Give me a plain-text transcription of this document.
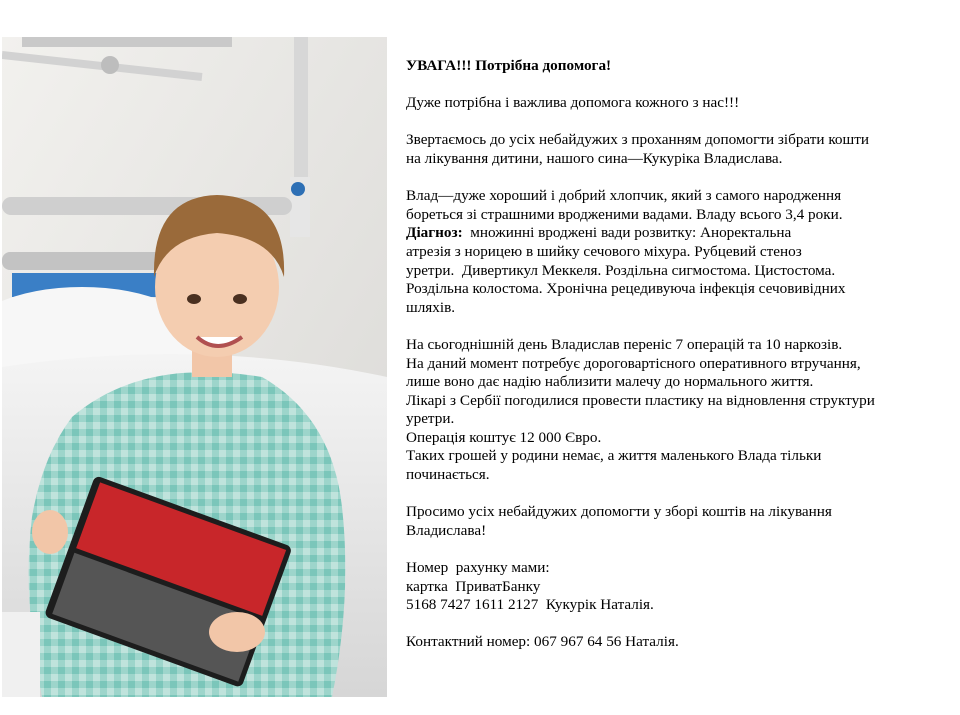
УВАГА!!! Потрібна допомога!

Дуже потрібна і важлива допомога кожного з нас!!!

Звертаємось до усіх небайдужих з проханням допомогти зібрати кошти

на лікування дитини, нашого сина—Кукуріка Владислава.

Влад—дуже хороший і добрий хлопчик, який з самого народження

бореться зі страшними вродженими вадами. Владу всього 3,4 роки.

Діагноз:  множинні вроджені вади розвитку: Аноректальна

атрезія з норицею в шийку сечового міхура. Рубцевий стеноз

уретри.  Дивертикул Меккеля. Роздільна сигмостома. Цистостома.

Роздільна колостома. Хронічна рецедивуюча інфекція сечовивідних

шляхів.

На сьогоднішній день Владислав переніс 7 операцій та 10 наркозів.

На даний момент потребує дороговартісного оперативного втручання,

лише воно дає надію наблизити малечу до нормального життя.

Лікарі з Сербії погодилися провести пластику на відновлення структури

уретри.

Операція коштує 12 000 Євро.

Таких грошей у родини немає, а життя маленького Влада тільки

починається.

Просимо усіх небайдужих допомогти у зборі коштів на лікування

Владислава!

Номер  рахунку мами:

картка  ПриватБанку

5168 7427 1611 2127  Кукурік Наталія.

Контактний номер: 067 967 64 56 Наталія.
